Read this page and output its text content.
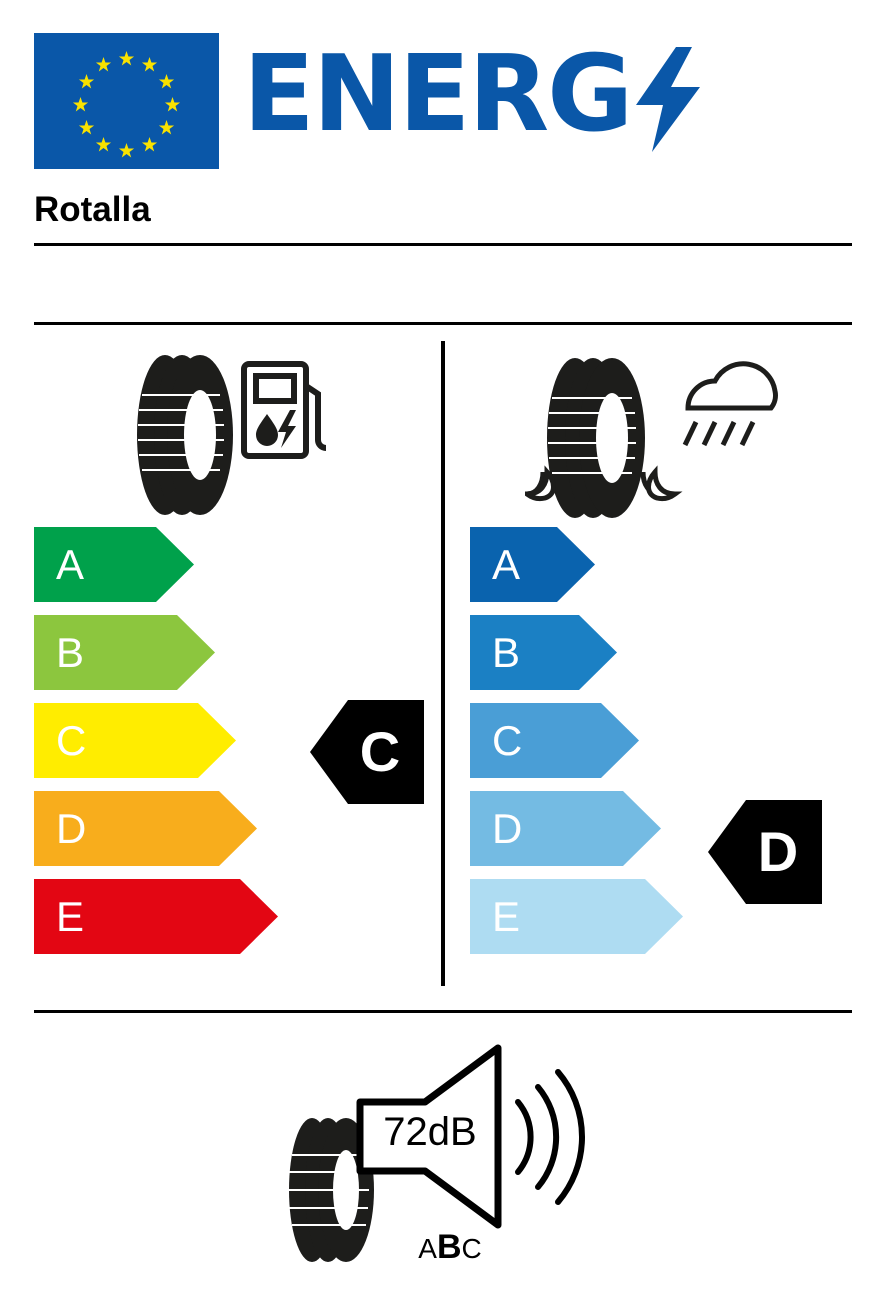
ENERG
Rotalla
A
B
C
D
E
A
B
C
D
E
C
D
72dB
ABC
